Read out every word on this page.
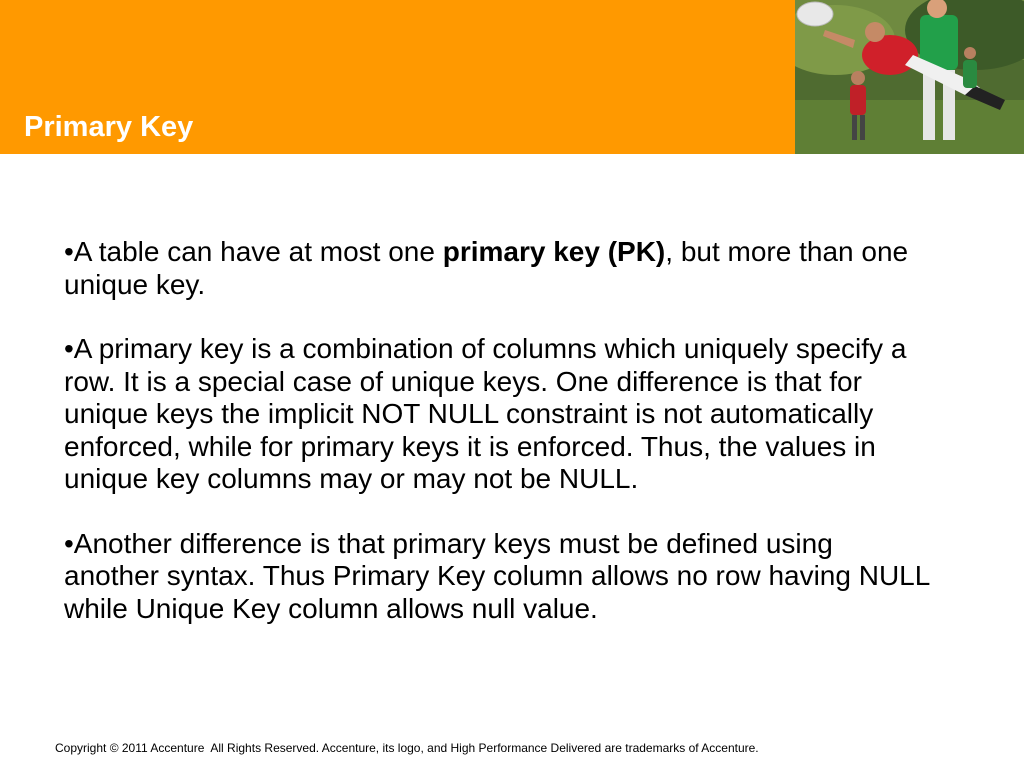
Primary Key

•A table can have at most one primary key (PK), but more than one unique key.

•A primary key is a combination of columns which uniquely specify a row. It is a special case of unique keys. One difference is that for unique keys the implicit NOT NULL constraint is not automatically enforced, while for primary keys it is enforced. Thus, the values in unique key columns may or may not be NULL.

•Another difference is that primary keys must be defined using another syntax. Thus Primary Key column allows no row having NULL while Unique Key column allows null value.

Copyright © 2011 Accenture  All Rights Reserved. Accenture, its logo, and High Performance Delivered are trademarks of Accenture.
